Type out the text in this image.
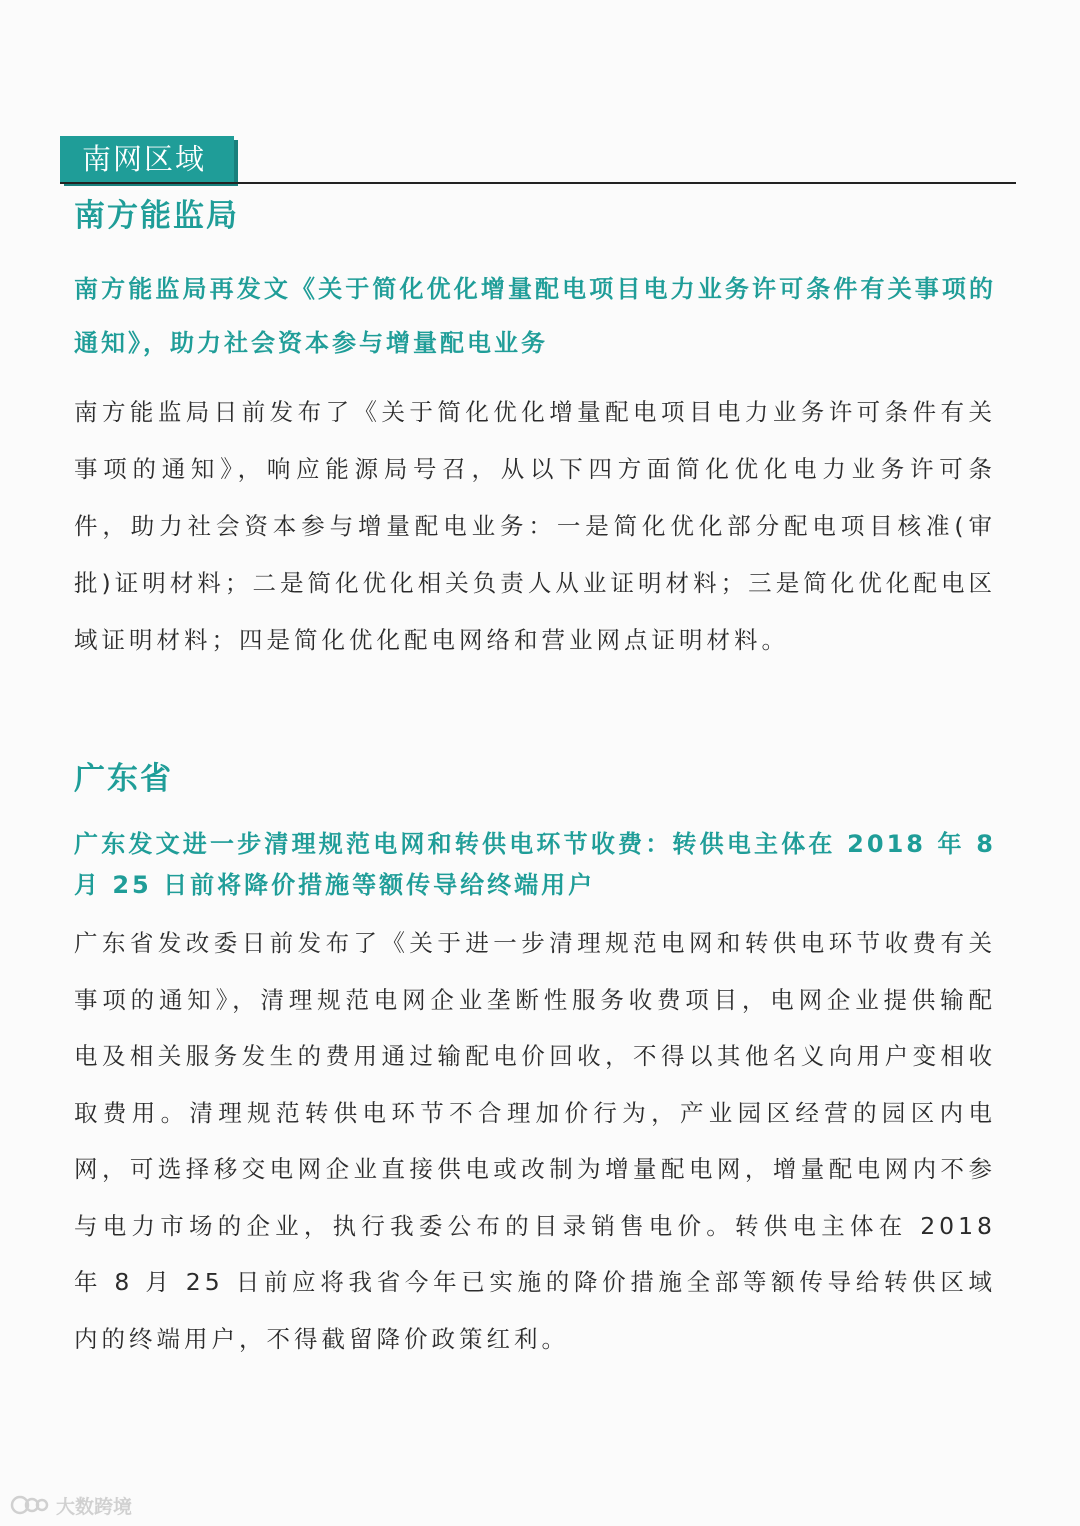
南网区域
南方能监局
南方能监局再发文《关于简化优化增量配电项目电力业务许可条件有关事项的通知》，助力社会资本参与增量配电业务
南方能监局日前发布了《关于简化优化增量配电项目电力业务许可条件有关事项的通知》，响应能源局号召，从以下四方面简化优化电力业务许可条件，助力社会资本参与增量配电业务：一是简化优化部分配电项目核准(审批)证明材料；二是简化优化相关负责人从业证明材料；三是简化优化配电区域证明材料；四是简化优化配电网络和营业网点证明材料。
广东省
广东发文进一步清理规范电网和转供电环节收费：转供电主体在 2018 年 8 月 25 日前将降价措施等额传导给终端用户
广东省发改委日前发布了《关于进一步清理规范电网和转供电环节收费有关事项的通知》，清理规范电网企业垄断性服务收费项目，电网企业提供输配电及相关服务发生的费用通过输配电价回收，不得以其他名义向用户变相收取费用。清理规范转供电环节不合理加价行为，产业园区经营的园区内电网，可选择移交电网企业直接供电或改制为增量配电网，增量配电网内不参与电力市场的企业，执行我委公布的目录销售电价。转供电主体在 2018 年 8 月 25 日前应将我省今年已实施的降价措施全部等额传导给转供区域内的终端用户，不得截留降价政策红利。
大数跨境
